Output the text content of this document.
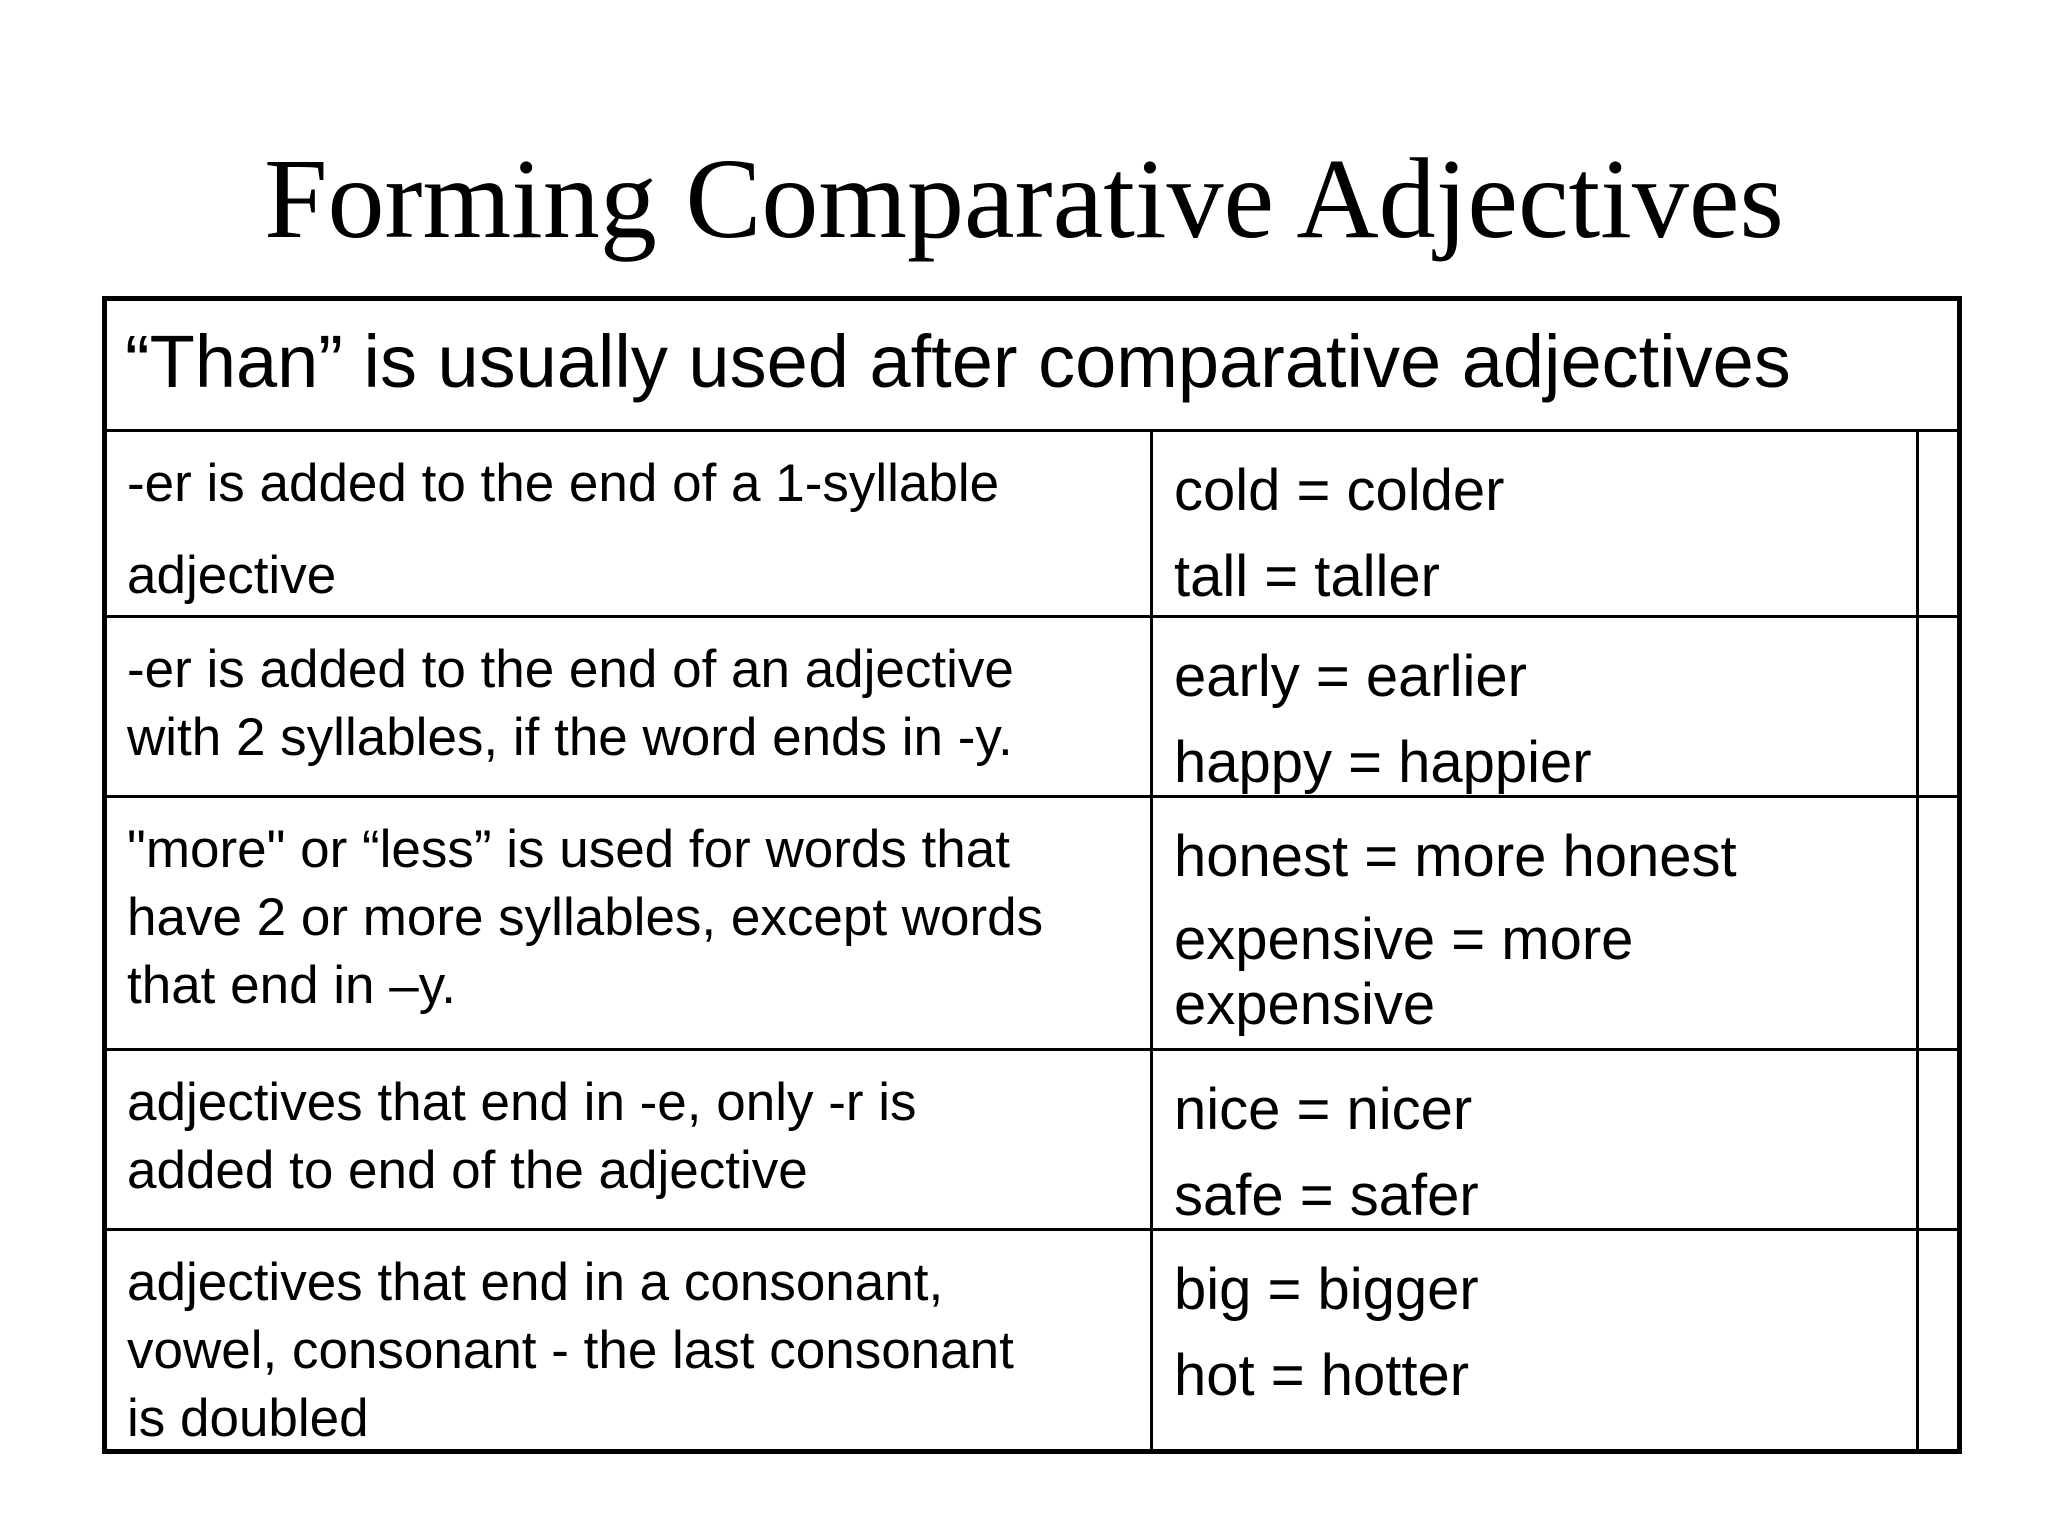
Forming Comparative Adjectives
“Than” is usually used after comparative adjectives
-er is added to the end of a 1-syllable
adjective
cold = colder
tall = taller
-er is added to the end of an adjective
with 2 syllables, if the word ends in -y.
early = earlier
happy = happier
"more" or “less” is used for words that
have 2 or more syllables, except words
that end in –y.
honest = more honest
expensive = more
expensive
adjectives that end in -e, only -r is
added to end of the adjective
nice = nicer
safe = safer
adjectives that end in a consonant,
vowel, consonant - the last consonant
is doubled
big = bigger
hot = hotter
